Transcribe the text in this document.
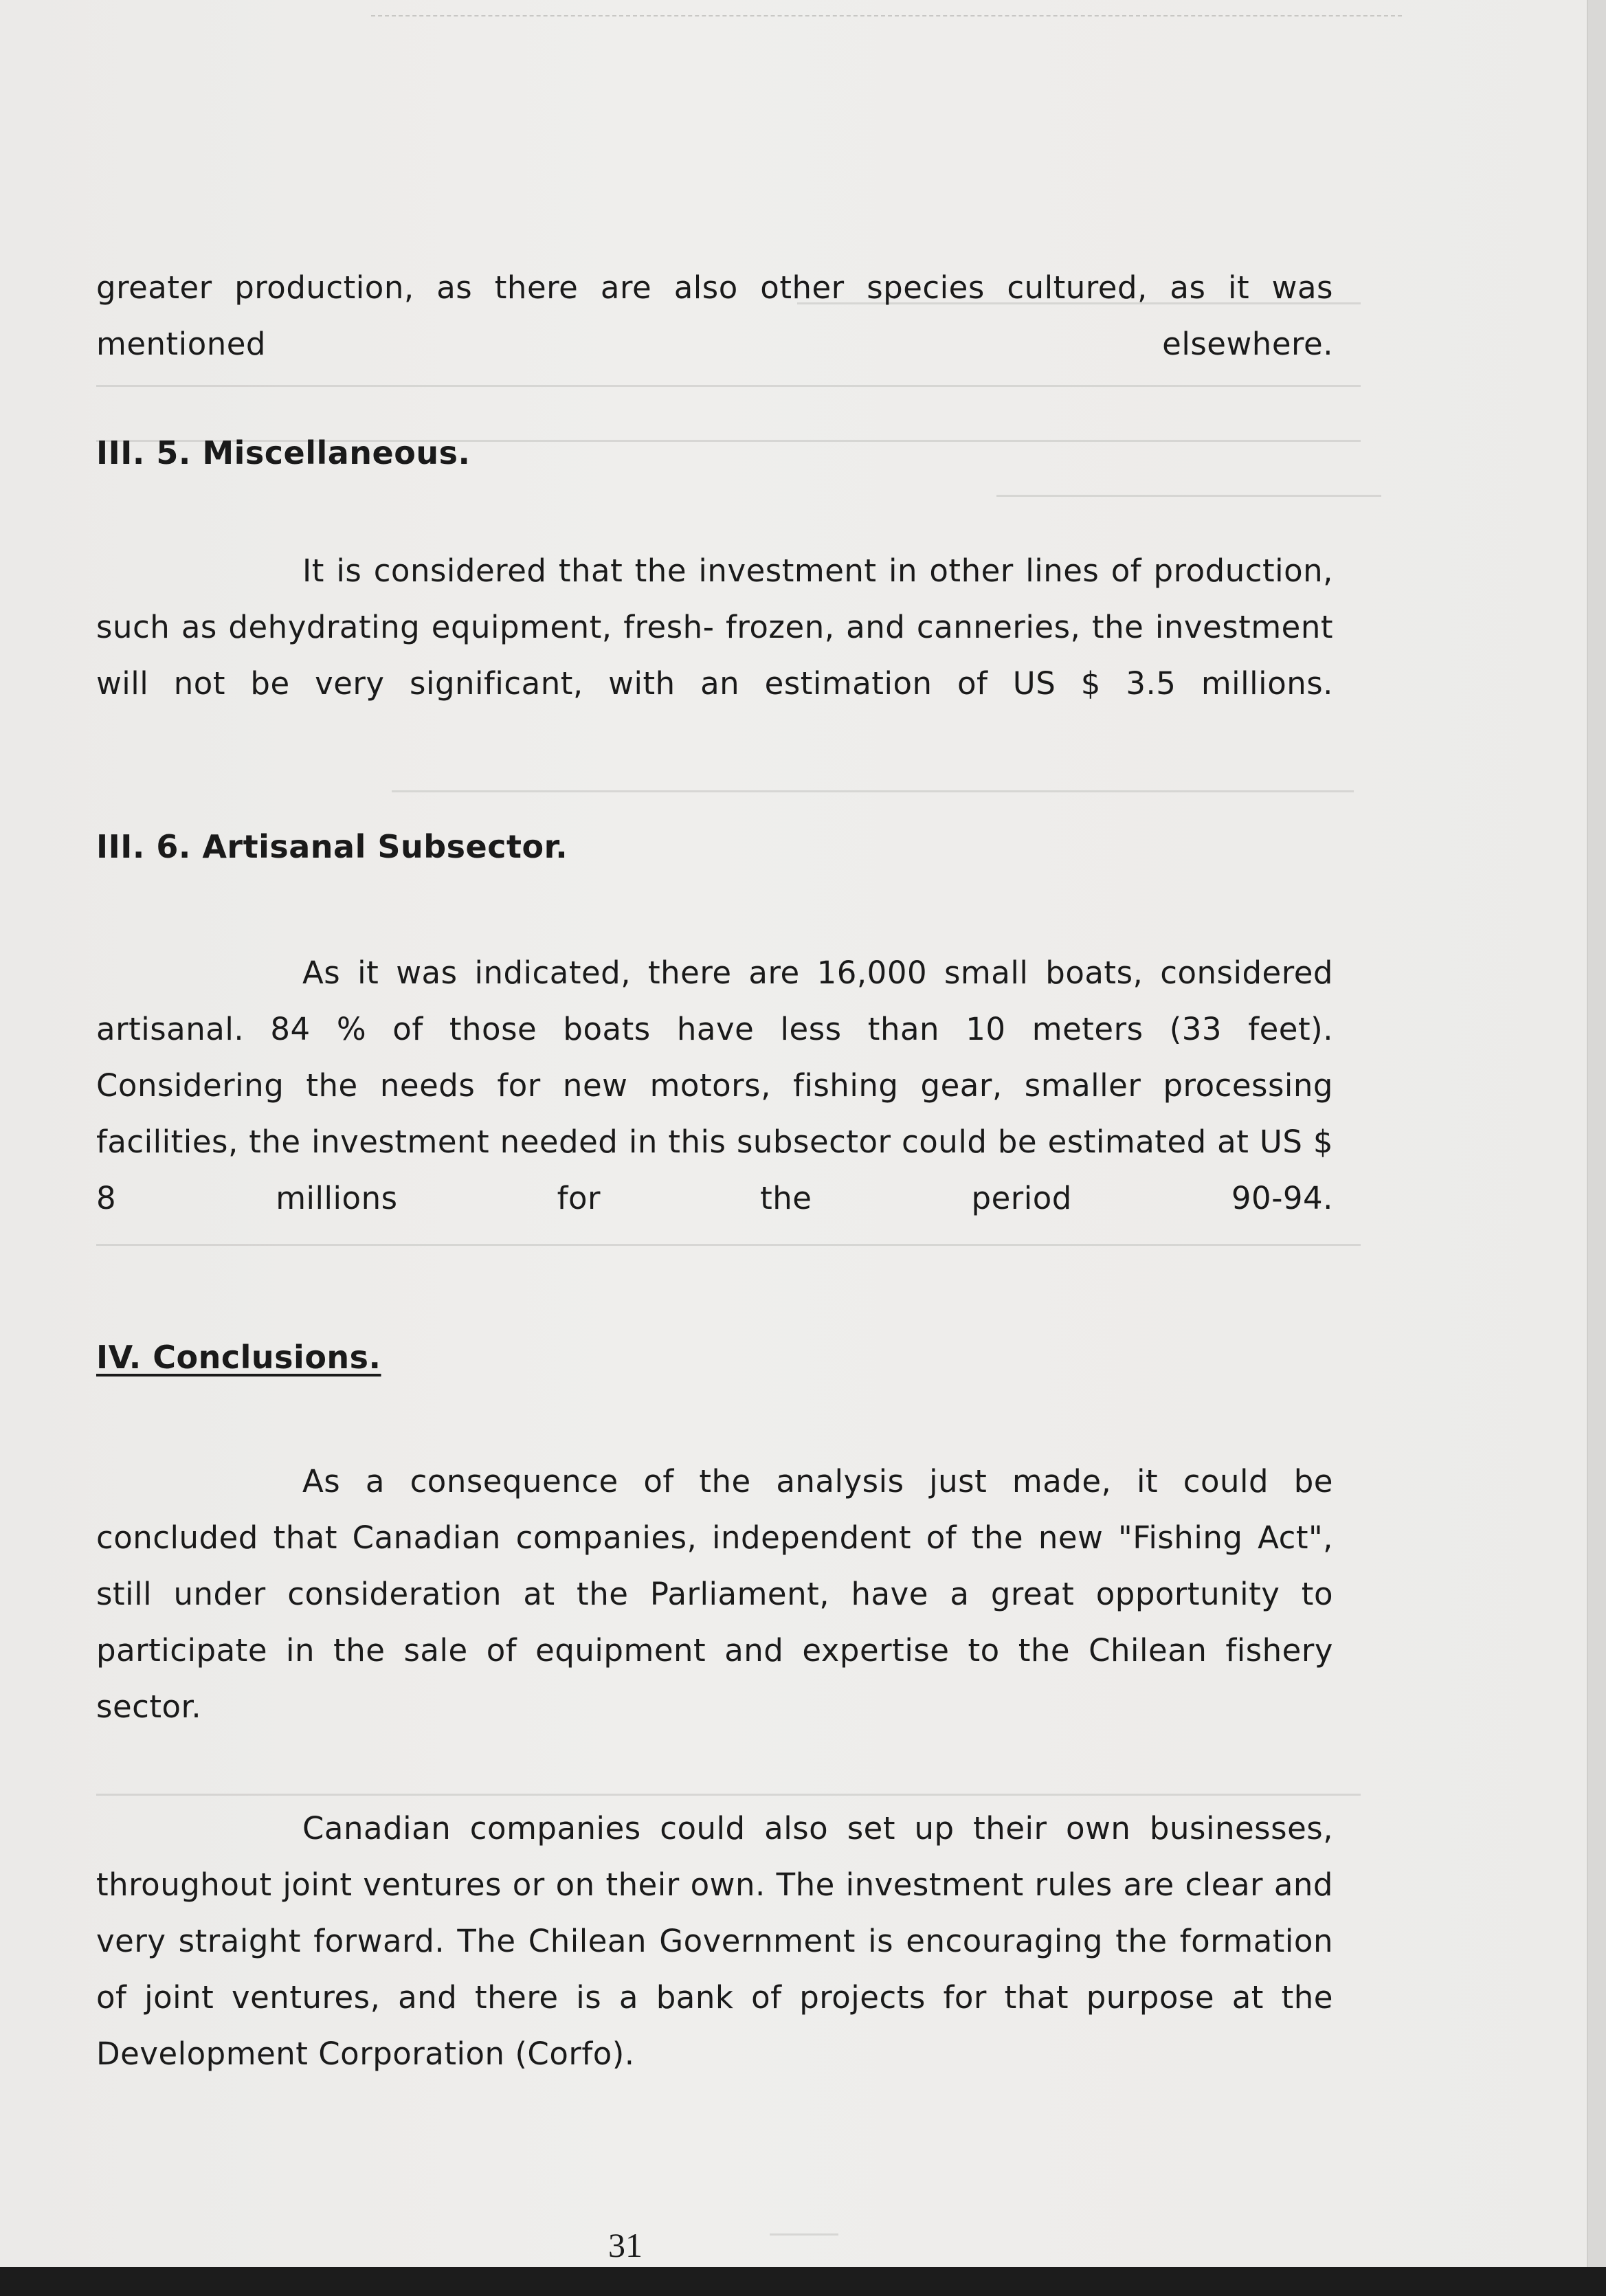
greater production, as there are also other species cultured, as it was mentioned elsewhere.

III. 5. Miscellaneous.

It is considered that the investment in other lines of production, such as dehydrating equipment, fresh- frozen, and canneries, the investment will not be very significant, with an estimation of US $ 3.5 millions.

III. 6. Artisanal Subsector.

As it was indicated, there are 16,000 small boats, considered artisanal. 84 % of those boats have less than 10 meters (33 feet). Considering the needs for new motors, fishing gear, smaller processing facilities, the investment needed in this subsector could be estimated at US $ 8 millions for the period 90-94.

IV. Conclusions.

As a consequence of the analysis just made, it could be concluded that Canadian companies, independent of the new "Fishing Act", still under consideration at the Parliament, have a great opportunity to participate in the sale of equipment and expertise to the Chilean fishery sector.

Canadian companies could also set up their own businesses, throughout joint ventures or on their own. The investment rules are clear and very straight forward. The Chilean Government is encouraging the formation of joint ventures, and there is a bank of projects for that purpose at the Development Corporation (Corfo).

31
